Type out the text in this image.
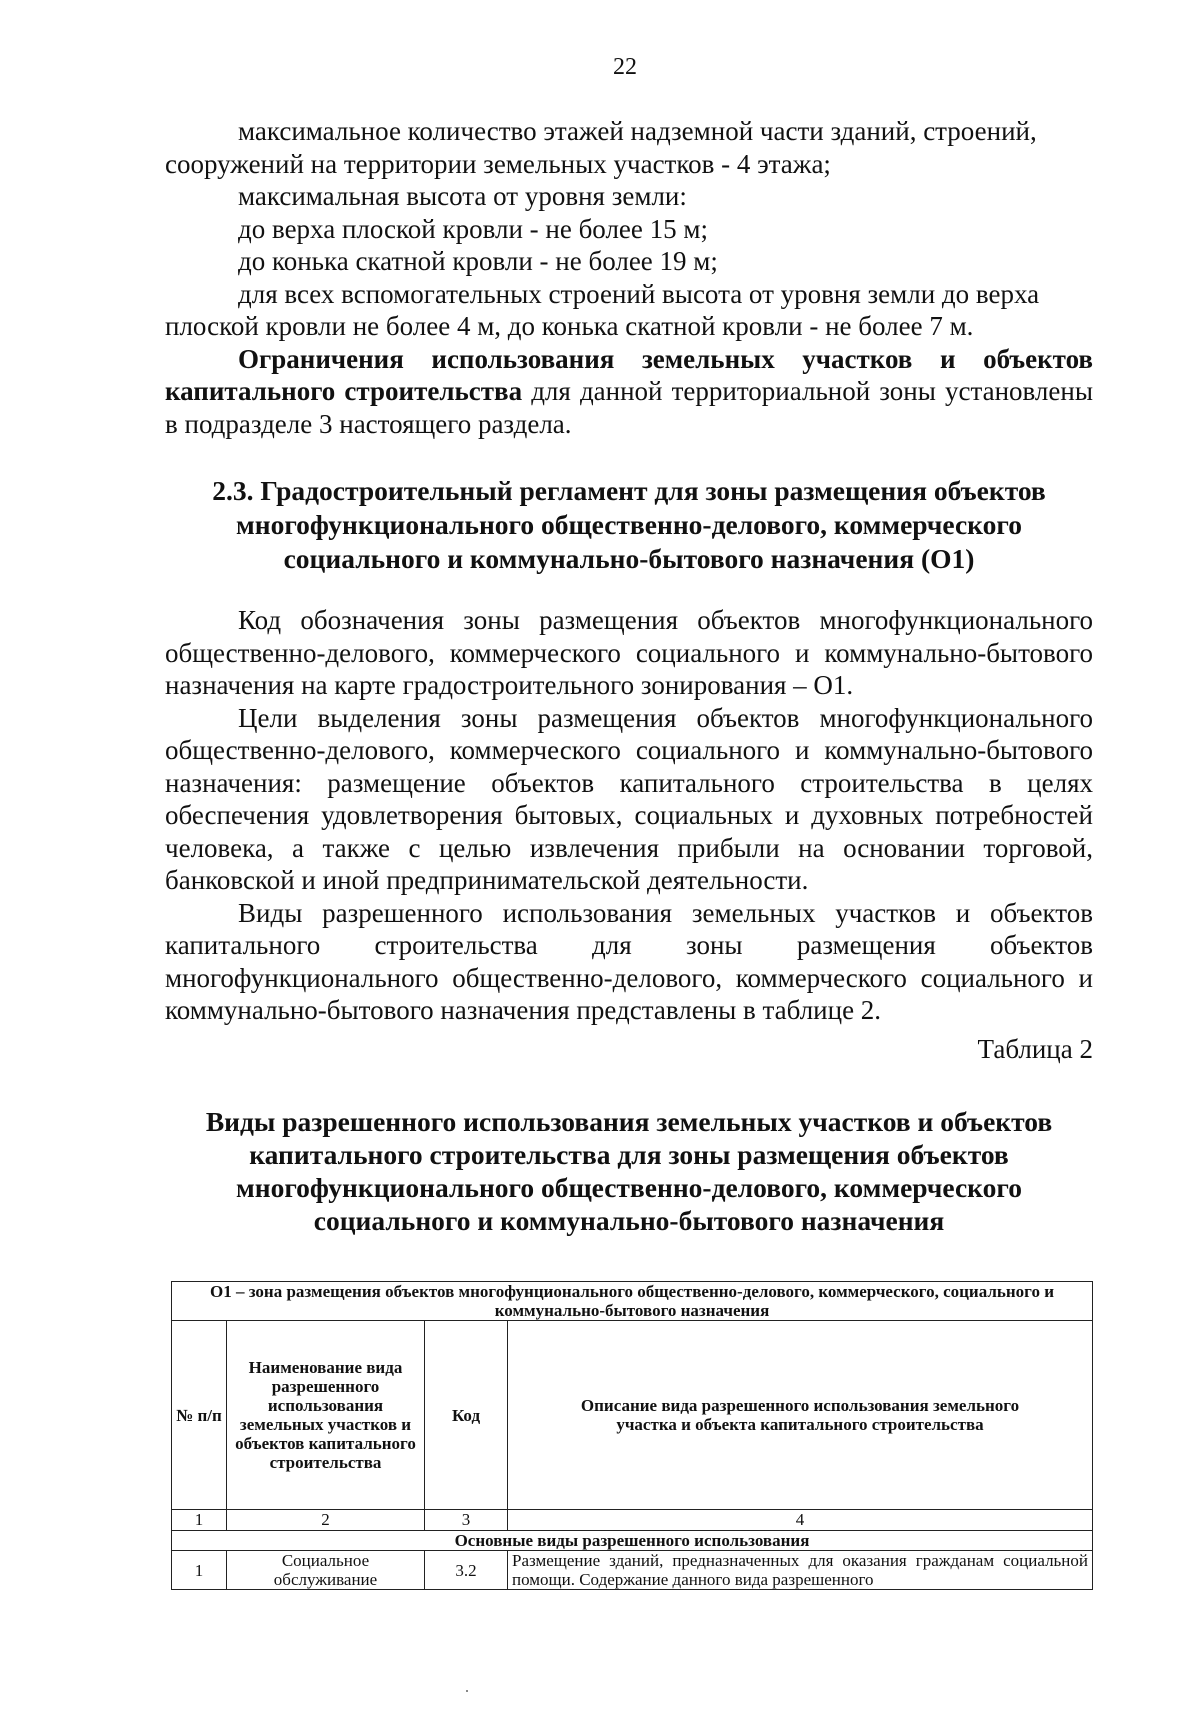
22

максимальное количество этажей надземной части зданий, строений,

сооружений на территории земельных участков - 4 этажа;

максимальная высота от уровня земли:

до верха плоской кровли - не более 15 м;

до конька скатной кровли - не более 19 м;

для всех вспомогательных строений высота от уровня земли до верха

плоской кровли не более 4 м, до конька скатной кровли - не более 7 м.

Ограничения использования земельных участков и объектов капитального строительства для данной территориальной зоны установлены в подразделе 3 настоящего раздела.

2.3. Градостроительный регламент для зоны размещения объектов
многофункционального общественно-делового, коммерческого
социального и коммунально-бытового назначения (О1)

Код обозначения зоны размещения объектов многофункционального общественно-делового, коммерческого социального и коммунально-бытового назначения на карте градостроительного зонирования – О1.

Цели выделения зоны размещения объектов многофункционального общественно-делового, коммерческого социального и коммунально-бытового назначения: размещение объектов капитального строительства в целях обеспечения удовлетворения бытовых, социальных и духовных потребностей человека, а также с целью извлечения прибыли на основании торговой, банковской и иной предпринимательской деятельности.

Виды разрешенного использования земельных участков и объектов капитального строительства для зоны размещения объектов многофункционального общественно-делового, коммерческого социального и коммунально-бытового назначения представлены в таблице 2.

Таблица 2

Виды разрешенного использования земельных участков и объектов
капитального строительства для зоны размещения объектов
многофункционального общественно-делового, коммерческого
социального и коммунально-бытового назначения
О1 – зона размещения объектов многофунционального общественно-делового, коммерческого, социального и коммунально-бытового назначения			
№ п/п	Наименование вида разрешенного использования земельных участков и объектов капитального строительства	Код	Описание вида разрешенного использования земельного участка и объекта капитального строительства
1	2	3	4
Основные виды разрешенного использования			
1	Социальное обслуживание	3.2	Размещение зданий, предназначенных для оказания гражданам социальной помощи. Содержание данного вида разрешенного
